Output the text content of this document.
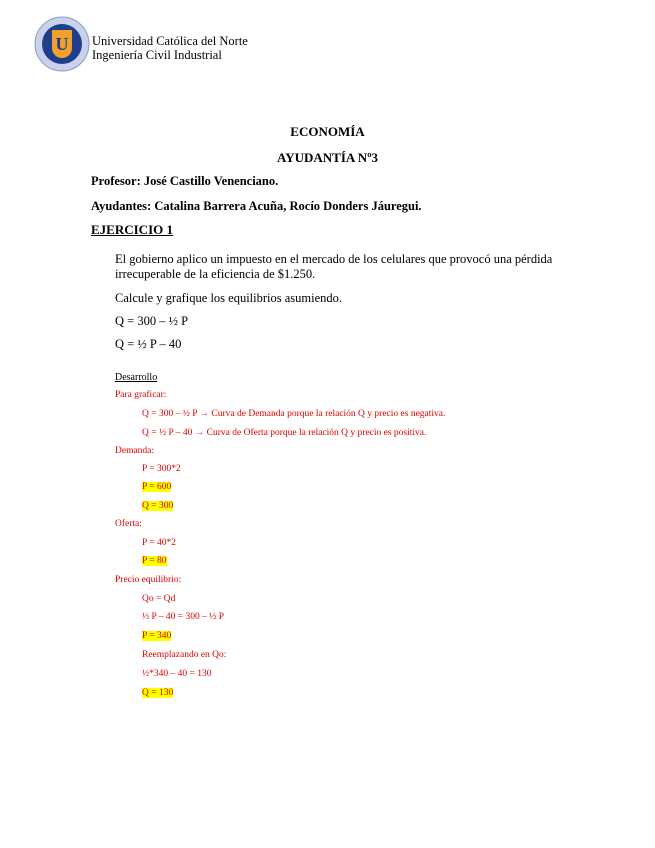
U Universidad Católica del Norte
Ingeniería Civil Industrial
ECONOMÍA
AYUDANTÍA Nº3
Profesor: José Castillo Venenciano.
Ayudantes: Catalina Barrera Acuña, Rocío Donders Jáuregui.
EJERCICIO 1
El gobierno aplico un impuesto en el mercado de los celulares que provocó una pérdida
irrecuperable de la eficiencia de $1.250.
Calcule y grafique los equilibrios asumiendo.
Q = 300 – ½ P
Q = ½ P – 40
Desarrollo
Para graficar:
Q = 300 – ½ P → Curva de Demanda porque la relación Q y precio es negativa.
Q = ½ P – 40 → Curva de Oferta porque la relación Q y precio es positiva.
Demanda:
P = 300*2
P = 600
Q = 300
Oferta:
P = 40*2
P = 80
Precio equilibrio:
Qo = Qd
½ P – 40 = 300 – ½ P
P = 340
Reemplazando en Qo:
½*340 – 40 = 130
Q = 130
